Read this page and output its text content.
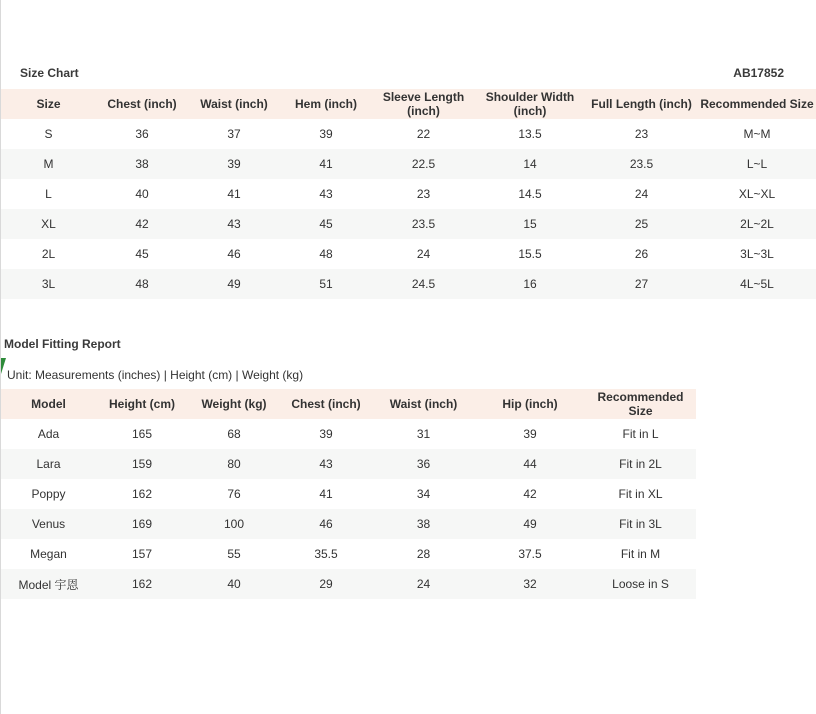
Size Chart	AB17852
Size	Chest (inch)	Waist (inch)	Hem (inch)	Sleeve Length (inch)	Shoulder Width (inch)	Full Length (inch)	Recommended Size
S	36	37	39	22	13.5	23	M~M
M	38	39	41	22.5	14	23.5	L~L
L	40	41	43	23	14.5	24	XL~XL
XL	42	43	45	23.5	15	25	2L~2L
2L	45	46	48	24	15.5	26	3L~3L
3L	48	49	51	24.5	16	27	4L~5L
Model Fitting Report
Unit: Measurements (inches) | Height (cm) | Weight (kg)
Model	Height (cm)	Weight (kg)	Chest (inch)	Waist (inch)	Hip (inch)	Recommended Size
Ada	165	68	39	31	39	Fit in L
Lara	159	80	43	36	44	Fit in 2L
Poppy	162	76	41	34	42	Fit in XL
Venus	169	100	46	38	49	Fit in 3L
Megan	157	55	35.5	28	37.5	Fit in M
Model 宇恩	162	40	29	24	32	Loose in S
